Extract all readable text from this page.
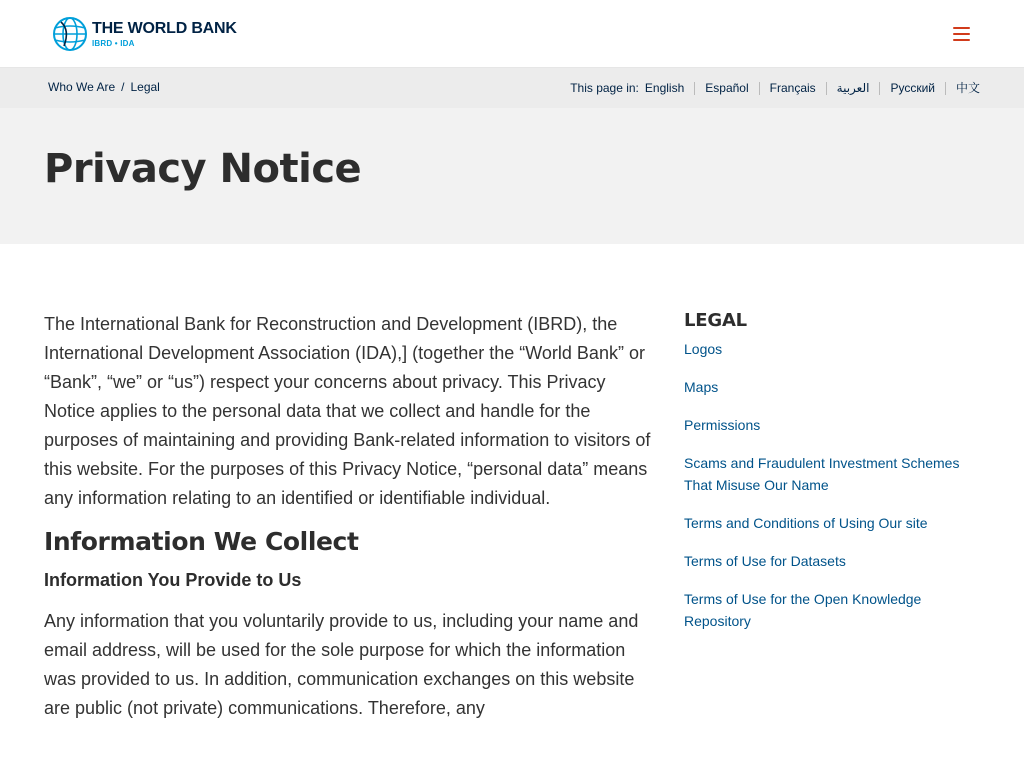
THE WORLD BANK
IBRD • IDA
Who We Are / Legal	This page in: English	Español	Français	العربية	Русский	中文
Privacy Notice

The International Bank for Reconstruction and Development (IBRD), the International Development Association (IDA),] (together the “World Bank” or “Bank”, “we” or “us”) respect your concerns about privacy. This Privacy Notice applies to the personal data that we collect and handle for the purposes of maintaining and providing Bank-related information to visitors of this website. For the purposes of this Privacy Notice, “personal data” means any information relating to an identified or identifiable individual.

Information We Collect
Information You Provide to Us

Any information that you voluntarily provide to us, including your name and email address, will be used for the sole purpose for which the information was provided to us. In addition, communication exchanges on this website are public (not private) communications. Therefore, any

LEGAL
Logos
Maps
Permissions
Scams and Fraudulent Investment Schemes That Misuse Our Name
Terms and Conditions of Using Our site
Terms of Use for Datasets
Terms of Use for the Open Knowledge Repository
